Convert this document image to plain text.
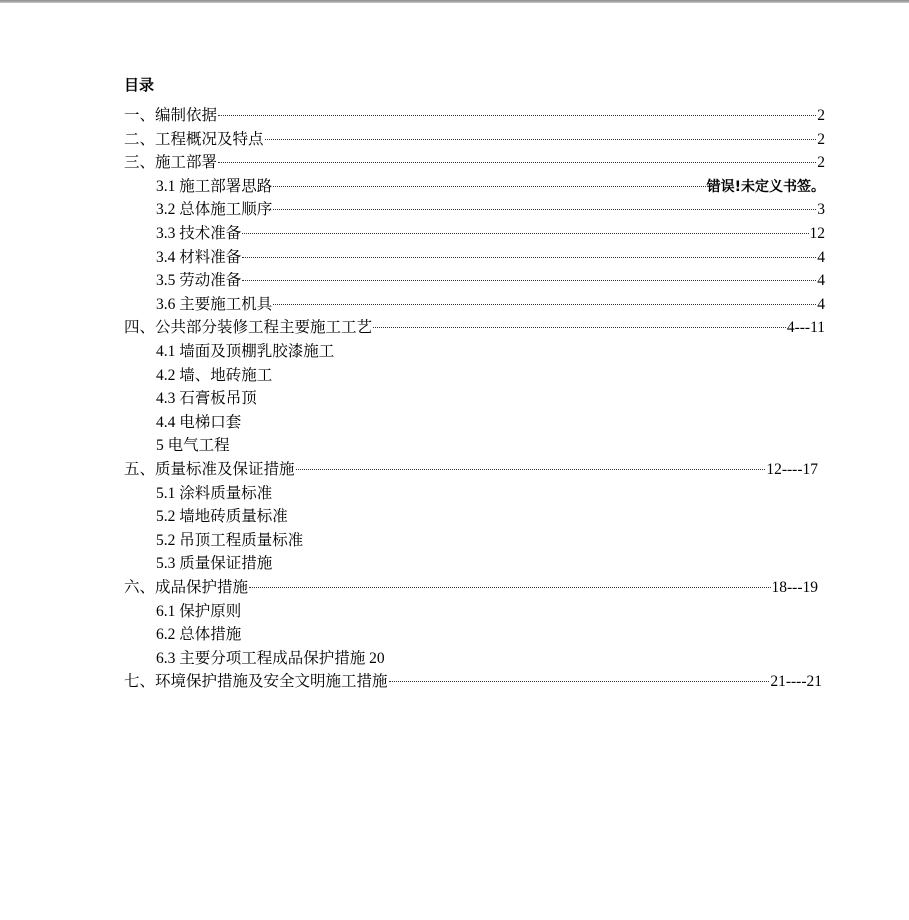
目录
一、编制依据	2
二、工程概况及特点	2
三、施工部署	2
3.1 施工部署思路	错误!未定义书签。
3.2 总体施工顺序	3
3.3 技术准备	12
3.4 材料准备	4
3.5 劳动准备	4
3.6 主要施工机具	4
四、公共部分装修工程主要施工工艺	4---11
4.1 墙面及顶棚乳胶漆施工
4.2 墙、地砖施工
4.3 石膏板吊顶
4.4 电梯口套
5 电气工程
五、质量标准及保证措施	12----17
5.1 涂料质量标准
5.2 墙地砖质量标准
5.2 吊顶工程质量标准
5.3 质量保证措施
六、成品保护措施	18---19
6.1 保护原则
6.2 总体措施
6.3 主要分项工程成品保护措施 20
七、环境保护措施及安全文明施工措施	21----21
